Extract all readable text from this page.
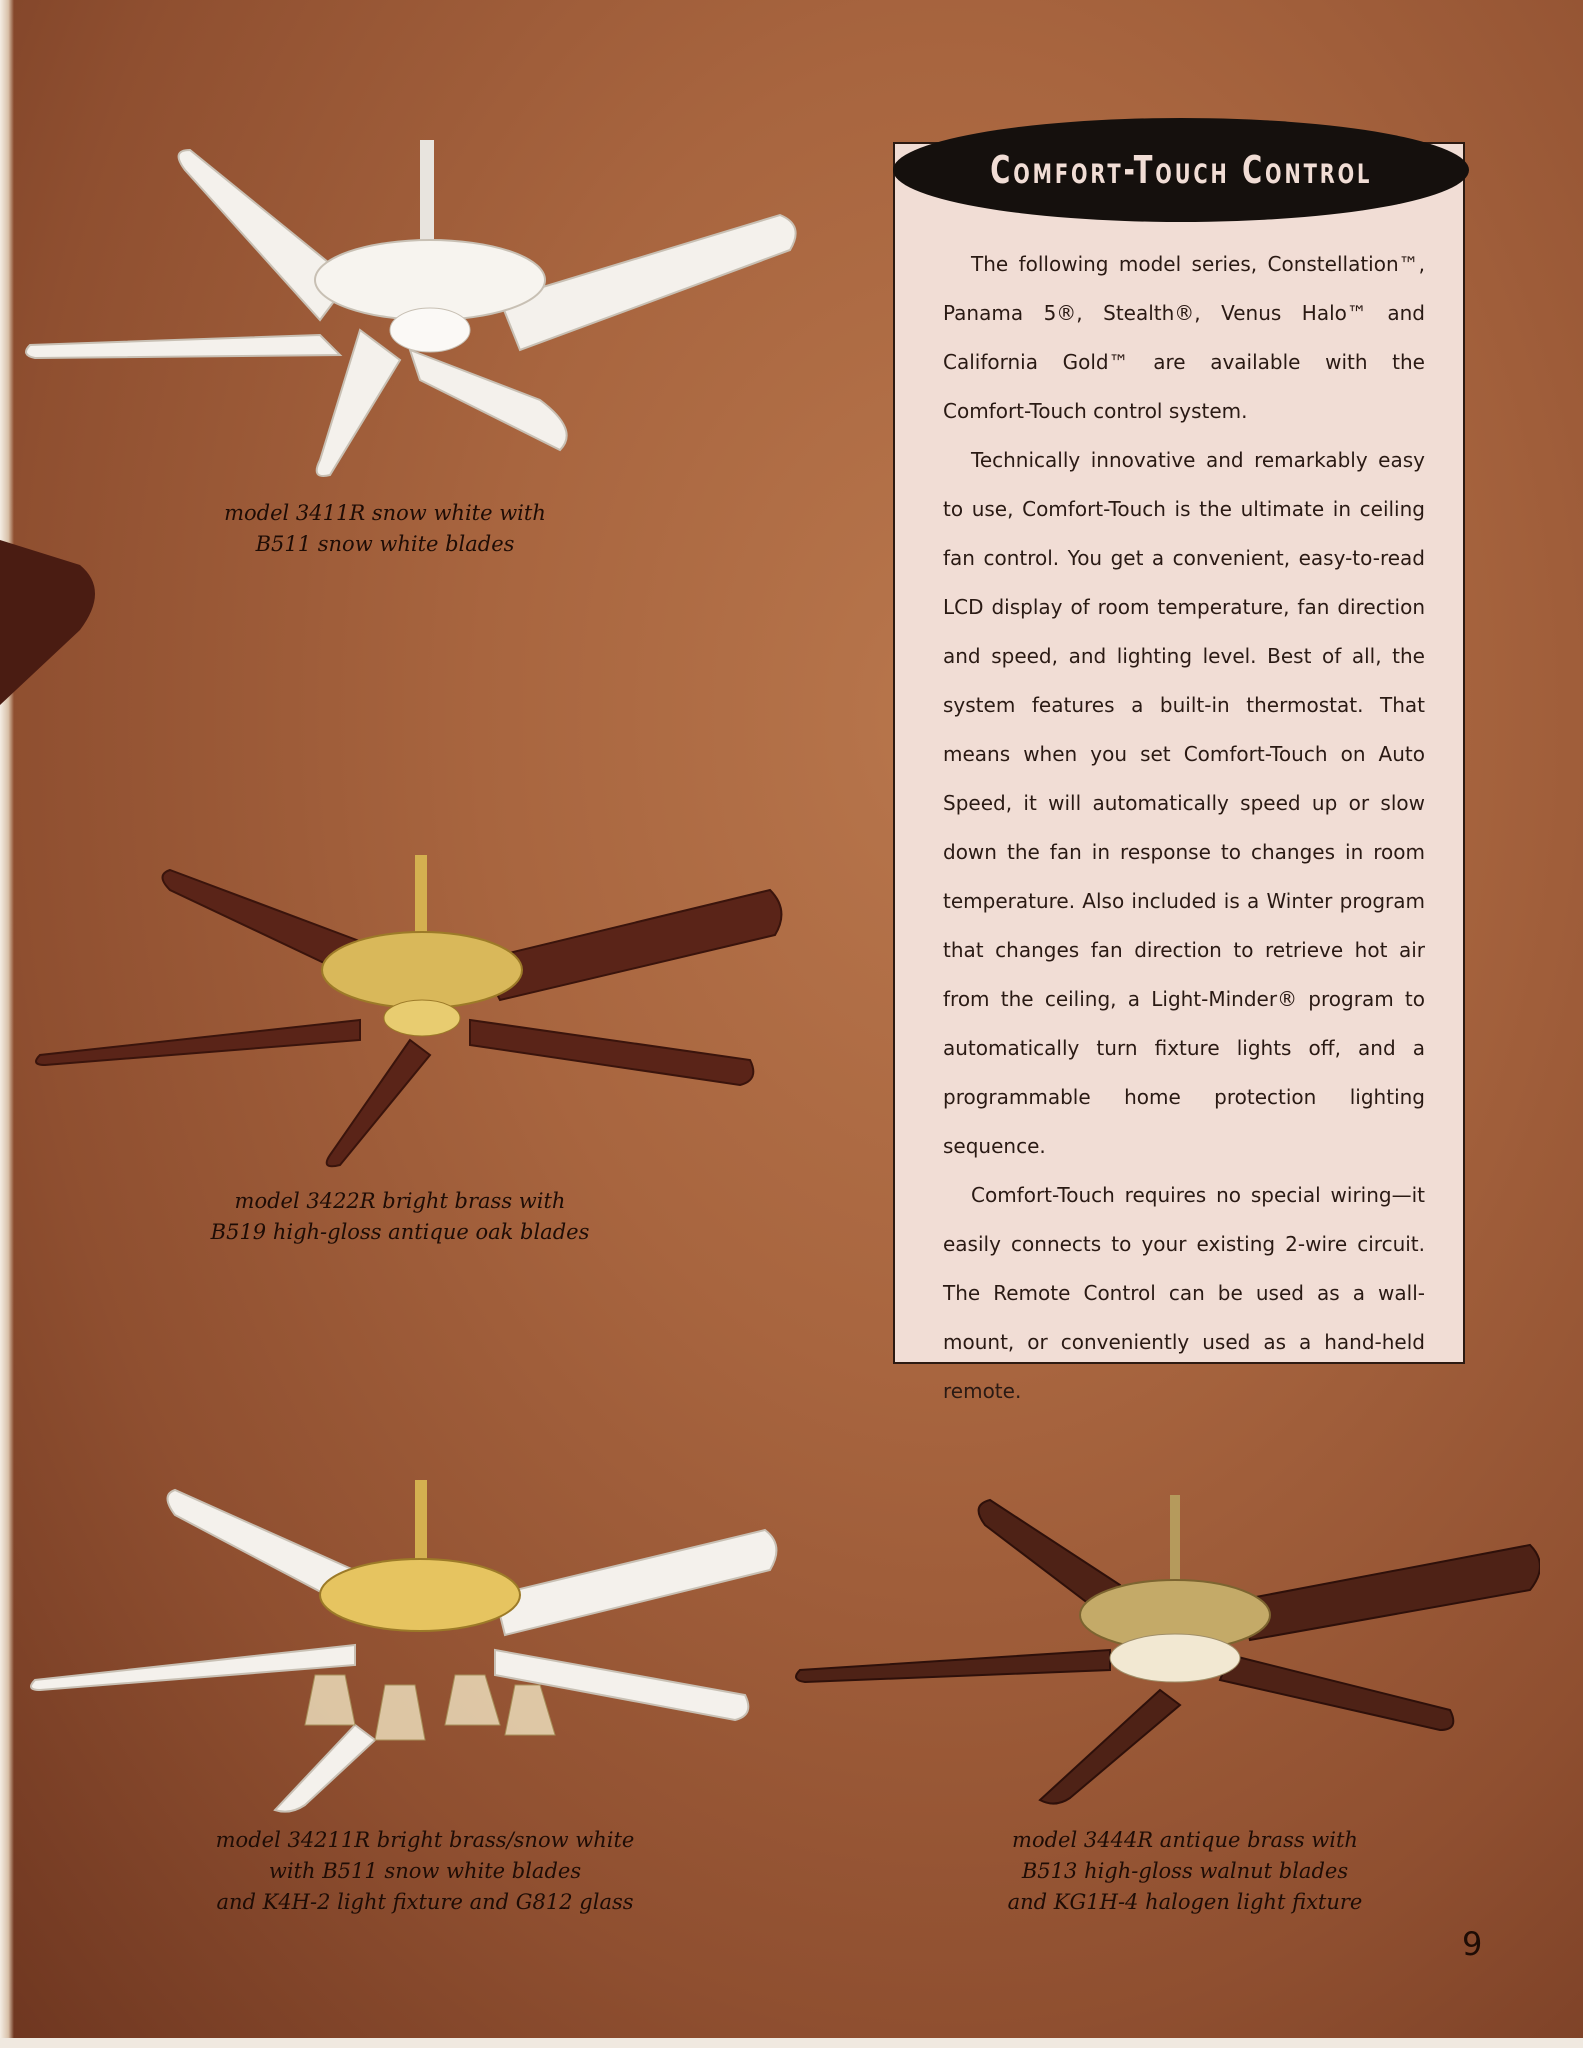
model 3411R snow white with
B511 snow white blades
model 3422R bright brass with
B519 high-gloss antique oak blades
model 34211R bright brass/snow white
with B511 snow white blades
and K4H-2 light fixture and G812 glass
model 3444R antique brass with
B513 high-gloss walnut blades
and KG1H-4 halogen light fixture
Comfort-Touch Control

The following model series, Constellation™, Panama 5®, Stealth®, Venus Halo™ and California Gold™ are available with the Comfort-Touch control system.

Technically innovative and remarkably easy to use, Comfort-Touch is the ultimate in ceiling fan control. You get a convenient, easy-to-read LCD display of room temperature, fan direction and speed, and lighting level. Best of all, the system features a built-in thermostat. That means when you set Comfort-Touch on Auto Speed, it will automatically speed up or slow down the fan in response to changes in room temperature. Also included is a Winter program that changes fan direction to retrieve hot air from the ceiling, a Light-Minder® program to automatically turn fixture lights off, and a programmable home protection lighting sequence.

Comfort-Touch requires no special wiring—it easily connects to your existing 2-wire circuit. The Remote Control can be used as a wall-mount, or conveniently used as a hand-held remote.

9
